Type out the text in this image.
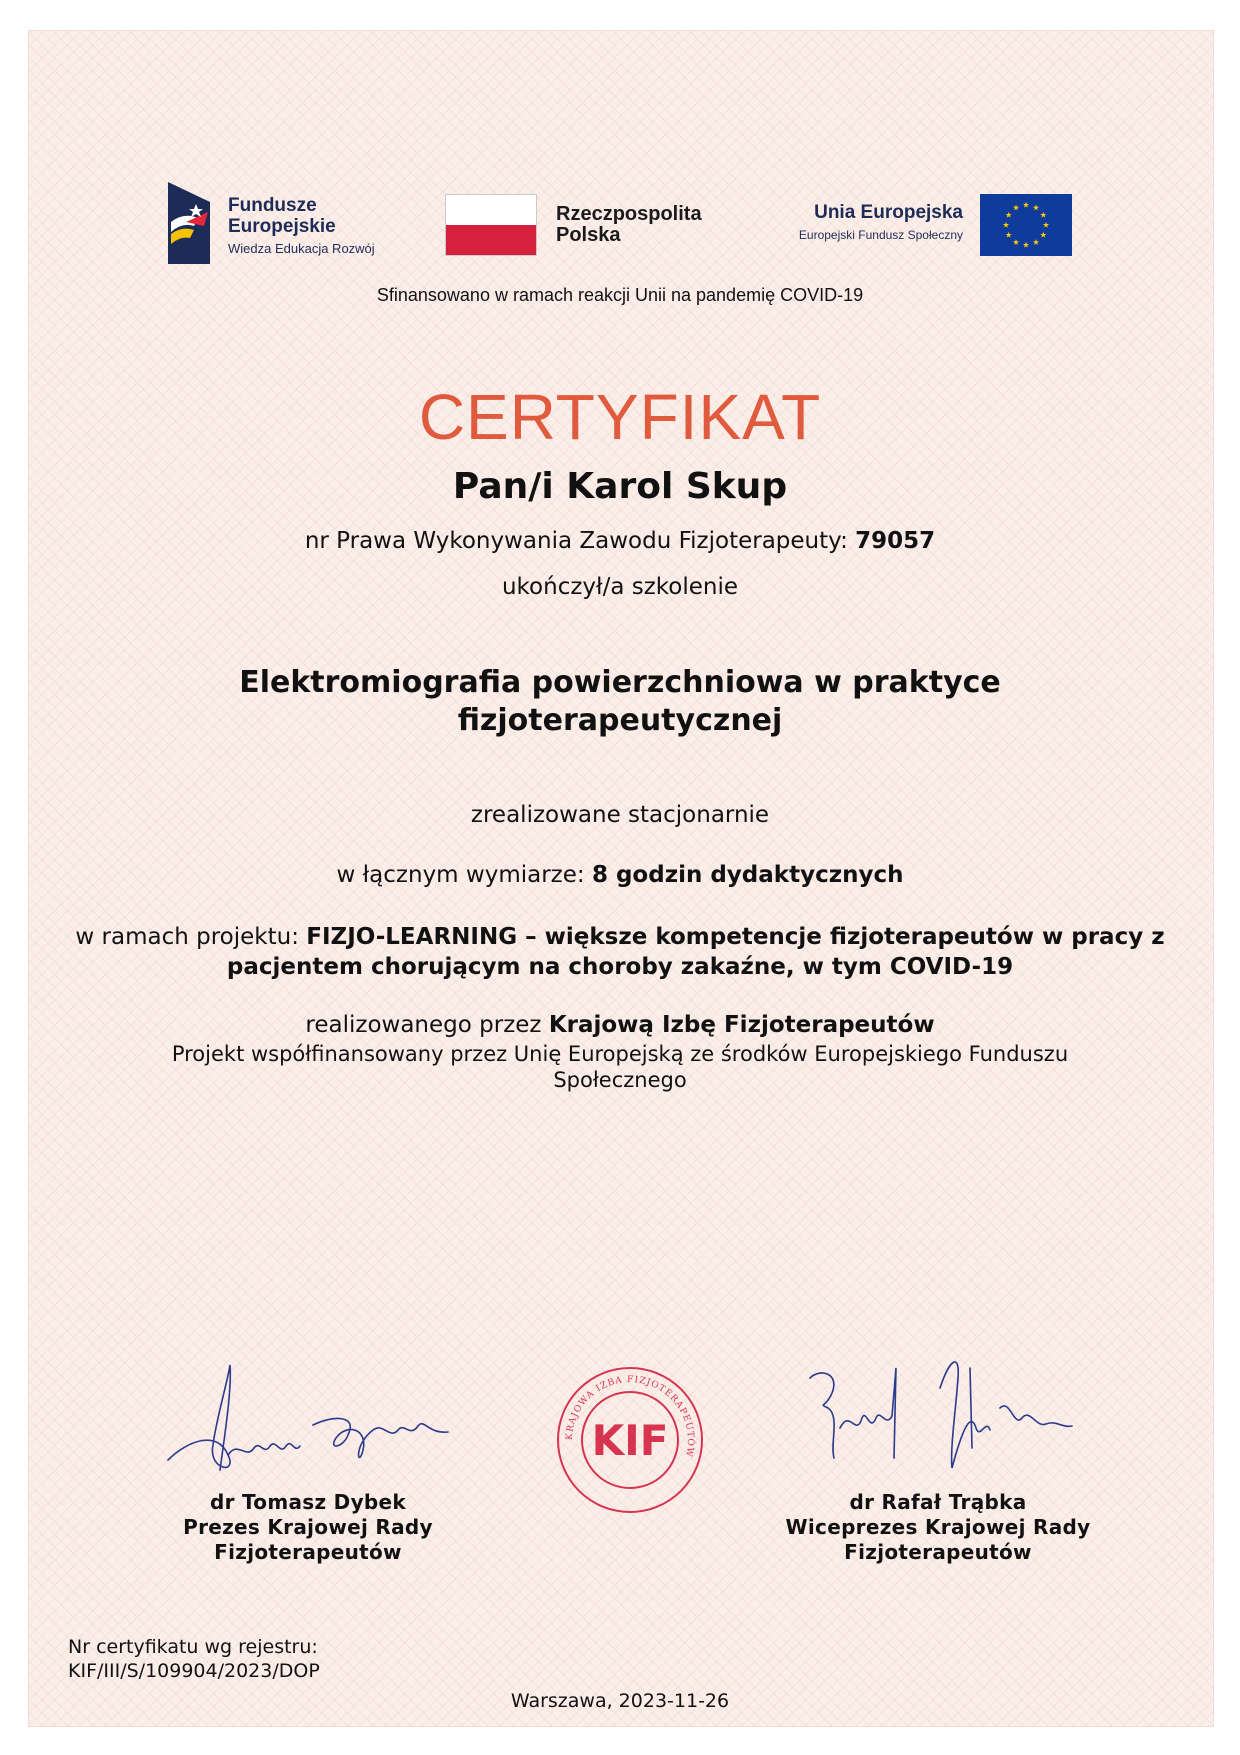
Fundusze
Europejskie
Wiedza Edukacja Rozwój
Rzeczpospolita
Polska
Unia Europejska
Europejski Fundusz Społeczny
Sfinansowano w ramach reakcji Unii na pandemię COVID-19
CERTYFIKAT
Pan/i Karol Skup
nr Prawa Wykonywania Zawodu Fizjoterapeuty: 79057
ukończył/a szkolenie
Elektromiografia powierzchniowa w praktyce
fizjoterapeutycznej
zrealizowane stacjonarnie
w łącznym wymiarze: 8 godzin dydaktycznych
w ramach projektu: FIZJO-LEARNING – większe kompetencje fizjoterapeutów w pracy z pacjentem chorującym na choroby zakaźne, w tym COVID-19
realizowanego przez Krajową Izbę Fizjoterapeutów
Projekt współfinansowany przez Unię Europejską ze środków Europejskiego Funduszu Społecznego
KRAJOWA IZBA FIZJOTERAPEUTÓW
KIF
dr Tomasz Dybek
Prezes Krajowej Rady
Fizjoterapeutów
dr Rafał Trąbka
Wiceprezes Krajowej Rady
Fizjoterapeutów
Nr certyfikatu wg rejestru:
KIF/III/S/109904/2023/DOP
Warszawa, 2023-11-26
